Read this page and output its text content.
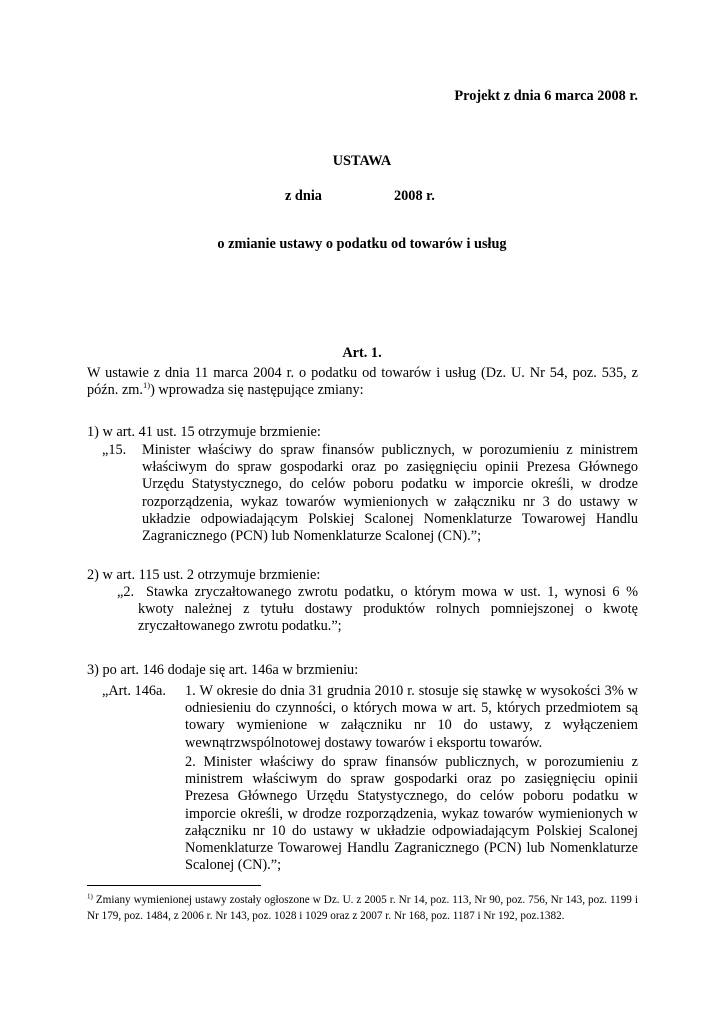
Projekt z dnia 6 marca 2008 r.
USTAWA
z dnia	2008 r.
o zmianie ustawy o podatku od towarów i usług
Art. 1.
W ustawie z dnia 11 marca 2004 r. o podatku od towarów i usług (Dz. U. Nr 54, poz. 535, z późn. zm.$^{1)}$) wprowadza się następujące zmiany:
1) w art. 41 ust. 15 otrzymuje brzmienie:
„15. Minister właściwy do spraw finansów publicznych, w porozumieniu z ministrem właściwym do spraw gospodarki oraz po zasięgnięciu opinii Prezesa Głównego Urzędu Statystycznego, do celów poboru podatku w imporcie określi, w drodze rozporządzenia, wykaz towarów wymienionych w załączniku nr 3 do ustawy w układzie odpowiadającym Polskiej Scalonej Nomenklaturze Towarowej Handlu Zagranicznego (PCN) lub Nomenklaturze Scalonej (CN).”;
2) w art. 115 ust. 2 otrzymuje brzmienie:
„2. Stawka zryczałtowanego zwrotu podatku, o którym mowa w ust. 1, wynosi 6 % kwoty należnej z tytułu dostawy produktów rolnych pomniejszonej o kwotę zryczałtowanego zwrotu podatku.”;
3) po art. 146 dodaje się art. 146a w brzmieniu:
„Art. 146a. 1. W okresie do dnia 31 grudnia 2010 r. stosuje się stawkę w wysokości 3% w odniesieniu do czynności, o których mowa w art. 5, których przedmiotem są towary wymienione w załączniku nr 10 do ustawy, z wyłączeniem wewnątrzwspólnotowej dostawy towarów i eksportu towarów.
2. Minister właściwy do spraw finansów publicznych, w porozumieniu z ministrem właściwym do spraw gospodarki oraz po zasięgnięciu opinii Prezesa Głównego Urzędu Statystycznego, do celów poboru podatku w imporcie określi, w drodze rozporządzenia, wykaz towarów wymienionych w załączniku nr 10 do ustawy w układzie odpowiadającym Polskiej Scalonej Nomenklaturze Towarowej Handlu Zagranicznego (PCN) lub Nomenklaturze Scalonej (CN).”;
$^{1)}$ Zmiany wymienionej ustawy zostały ogłoszone w Dz. U. z 2005 r. Nr 14, poz. 113, Nr 90, poz. 756, Nr 143, poz. 1199 i Nr 179, poz. 1484, z 2006 r. Nr 143, poz. 1028 i 1029 oraz z 2007 r. Nr 168, poz. 1187 i Nr 192, poz.1382.
